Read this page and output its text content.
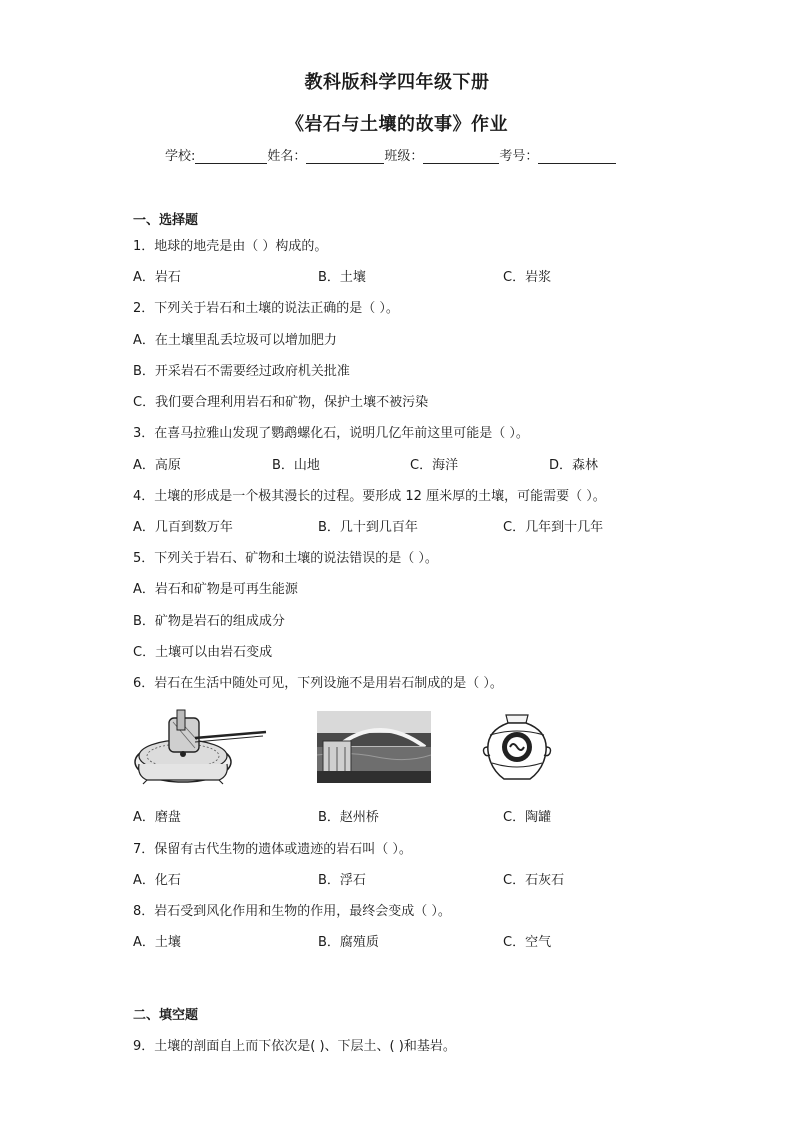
教科版科学四年级下册
《岩石与土壤的故事》作业
学校:	姓名：	班级：	考号：
一、选择题
1．地球的地壳是由（ ）构成的。
A．岩石	B．土壤	C．岩浆
2．下列关于岩石和土壤的说法正确的是（ ）。
A．在土壤里乱丢垃圾可以增加肥力
B．开采岩石不需要经过政府机关批准
C．我们要合理利用岩石和矿物，保护土壤不被污染
3．在喜马拉雅山发现了鹦鹉螺化石，说明几亿年前这里可能是（ ）。
A．高原	B．山地	C．海洋	D．森林
4．土壤的形成是一个极其漫长的过程。要形成 12 厘米厚的土壤，可能需要（ ）。
A．几百到数万年	B．几十到几百年	C．几年到十几年
5．下列关于岩石、矿物和土壤的说法错误的是（ ）。
A．岩石和矿物是可再生能源
B．矿物是岩石的组成成分
C．土壤可以由岩石变成
6．岩石在生活中随处可见，下列设施不是用岩石制成的是（ ）。
A．磨盘	B．赵州桥	C．陶罐
7．保留有古代生物的遗体或遗迹的岩石叫（ ）。
A．化石	B．浮石	C．石灰石
8．岩石受到风化作用和生物的作用，最终会变成（ ）。
A．土壤	B．腐殖质	C．空气
二、填空题
9．土壤的剖面自上而下依次是( )、下层土、( )和基岩。
